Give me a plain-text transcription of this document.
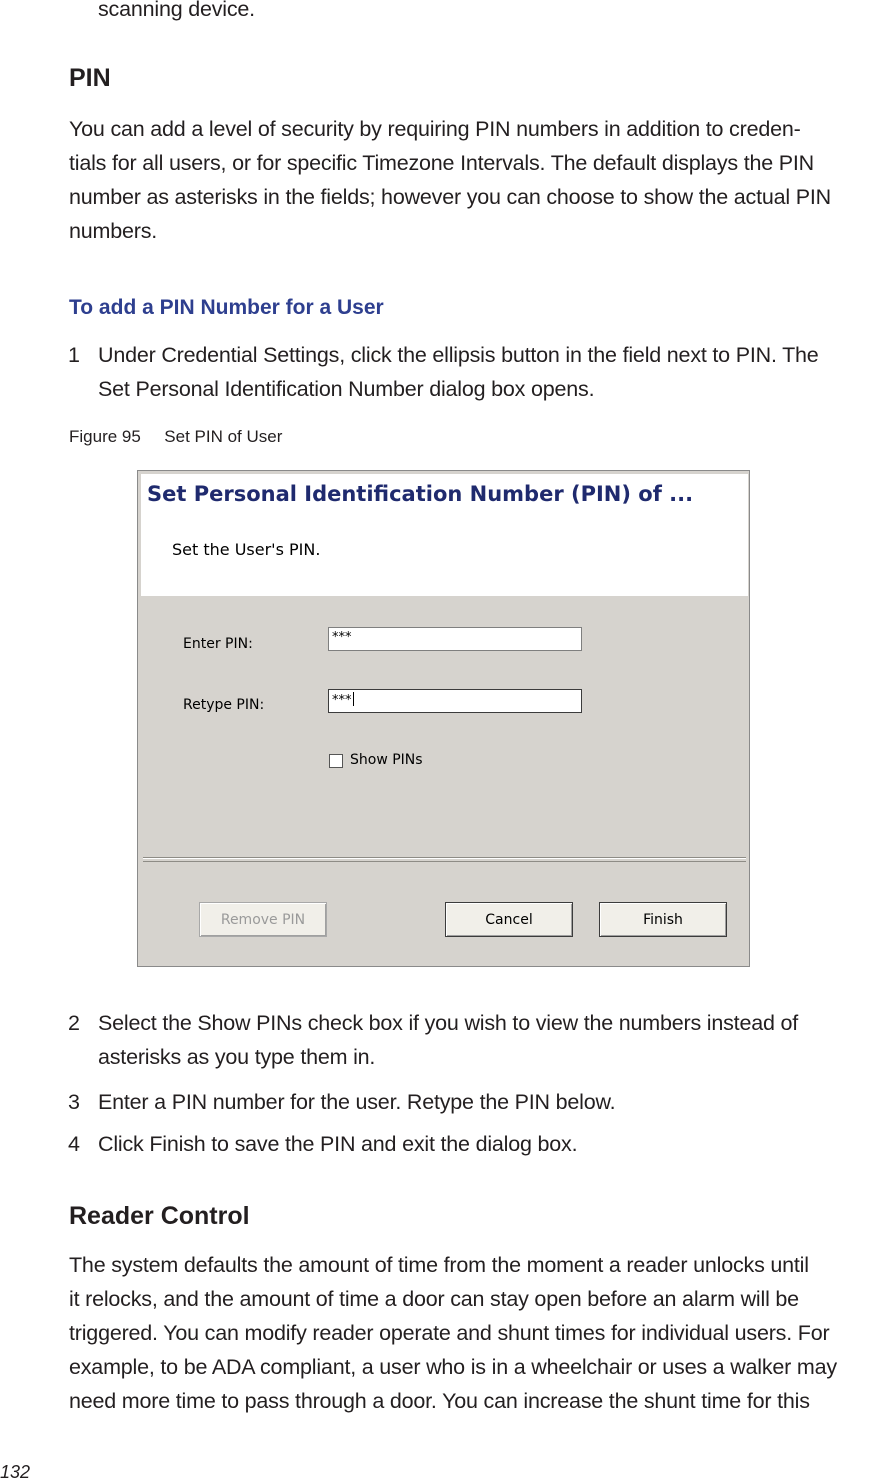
scanning device.
PIN
You can add a level of security by requiring PIN numbers in addition to creden-
tials for all users, or for specific Timezone Intervals. The default displays the PIN
number as asterisks in the fields; however you can choose to show the actual PIN
numbers.
To add a PIN Number for a User
1 Under Credential Settings, click the ellipsis button in the field next to PIN. The
Set Personal Identification Number dialog box opens.
Figure 95 Set PIN of User
Set Personal Identification Number (PIN) of ...
Set the User's PIN.
Enter PIN:	***
Retype PIN:	***
Show PINs
Remove PIN	Cancel	Finish
2 Select the Show PINs check box if you wish to view the numbers instead of
asterisks as you type them in.
3 Enter a PIN number for the user. Retype the PIN below.
4 Click Finish to save the PIN and exit the dialog box.
Reader Control
The system defaults the amount of time from the moment a reader unlocks until
it relocks, and the amount of time a door can stay open before an alarm will be
triggered. You can modify reader operate and shunt times for individual users. For
example, to be ADA compliant, a user who is in a wheelchair or uses a walker may
need more time to pass through a door. You can increase the shunt time for this
132
